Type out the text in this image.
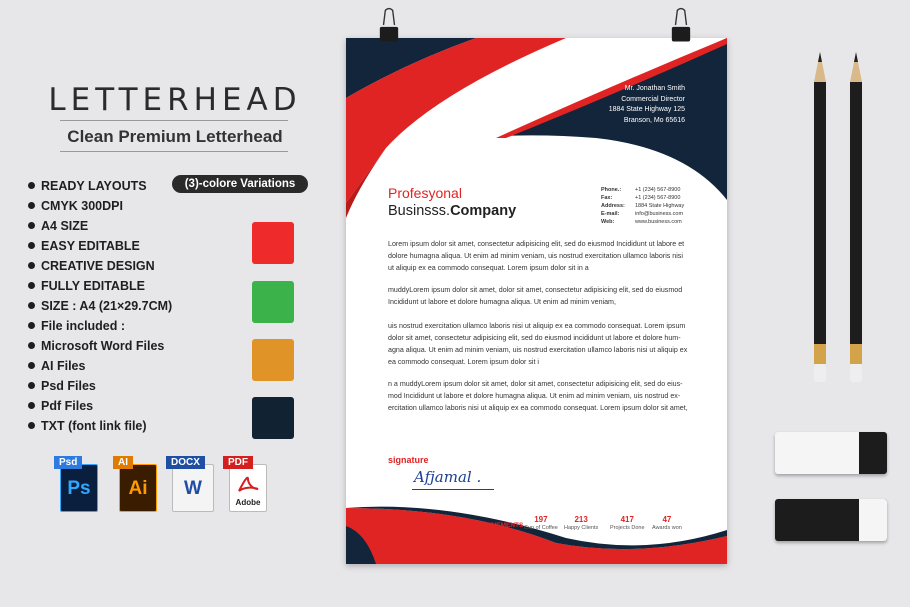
LETTERHEAD
Clean Premium Letterhead
READY LAYOUTS
CMYK 300DPI
A4 SIZE
EASY EDITABLE
CREATIVE DESIGN
FULLY EDITABLE
SIZE : A4 (21×29.7CM)
File included :
Microsoft Word Files
AI Files
Psd Files
Pdf Files
TXT (font link file)
(3)-colore Variations
Psd
Ps
AI
Ai
DOCX
W
PDF
Adobe
Mr. Jonathan Smith
Commercial Director
1884 State Highway 125
Branson, Mo 65616
Profesyonal
Businsss.Company
Phone.:	+1 (234) 567-8900
Fax:	+1 (234) 567-8900
Address: 1884 State Highway
E-mail:	info@business.com
Web:	www.business.com
Lorem ipsum dolor sit amet, consectetur adipisicing elit, sed do eiusmod Incididunt ut labore et dolore humagna aliqua. Ut enim ad minim veniam, uis nostrud exercitation ullamco laboris nisi ut aliquip ex ea commodo consequat. Lorem ipsum dolor sit in a
muddyLorem ipsum dolor sit amet, dolor sit amet, consectetur adipisicing elit, sed do eiusmod Incididunt ut labore et dolore humagna aliqua. Ut enim ad minim veniam,
uis nostrud exercitation ullamco laboris nisi ut aliquip ex ea commodo consequat. Lorem ipsum dolor sit amet, consectetur adipisicing elit, sed do eiusmod incididunt ut labore et dolore hum-agna aliqua. Ut enim ad minim veniam, uis nostrud exercitation ullamco laboris nisi ut aliquip ex ea commodo consequat. Lorem ipsum dolor sit i
n a muddyLorem ipsum dolor sit amet, dolor sit amet, consectetur adipisicing elit, sed do eius-mod Incididunt ut labore et dolore humagna aliqua. Ut enim ad minim veniam, uis nostrud ex-ercitation ullamco laboris nisi ut aliquip ex ea commodo consequat. Lorem ipsum dolor sit amet,
signature
Afjamal .
OUR ACHIVEMENTS
197
Cup of Coffee
213
Happy Clients
417
Projects Done
47
Awards won
